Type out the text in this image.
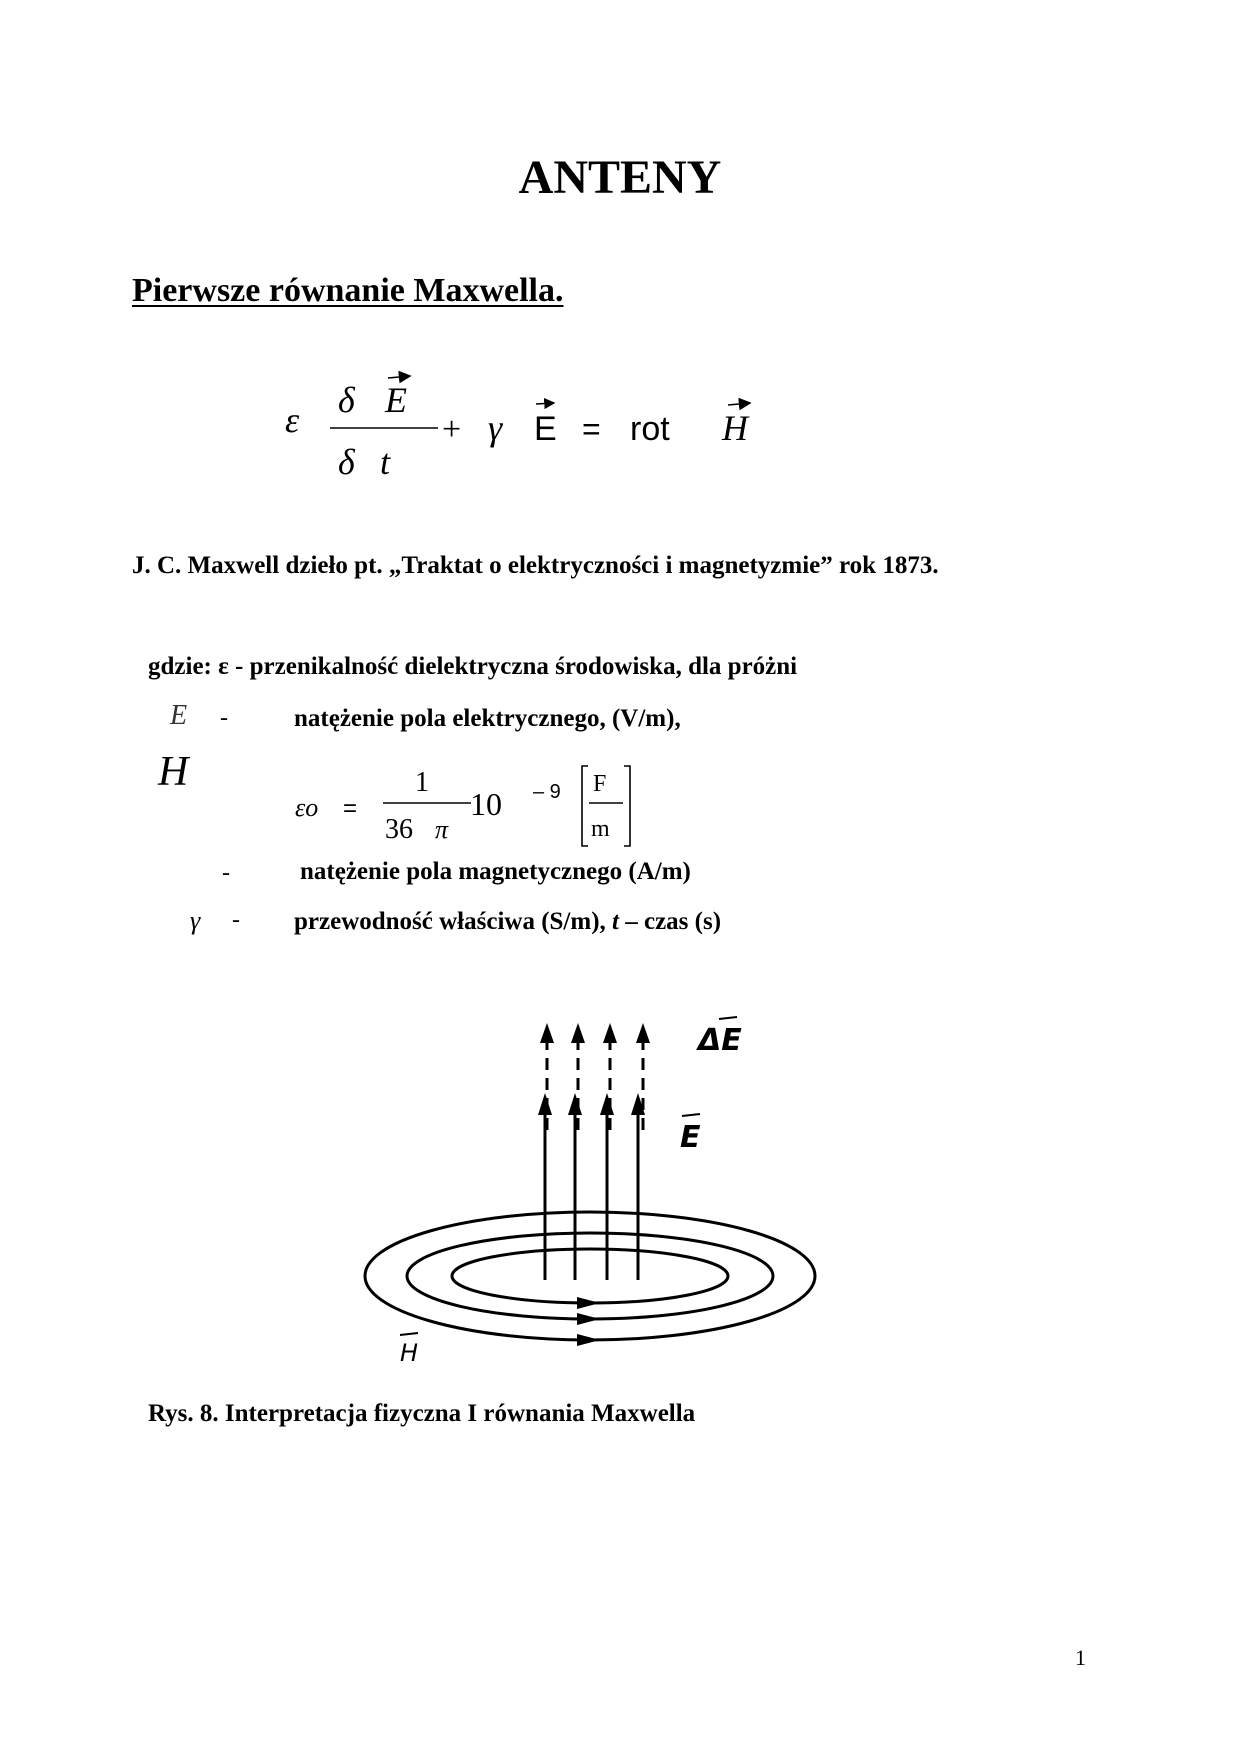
ANTENY
Pierwsze równanie Maxwella.
ε δ E
δ t
+ γ E = rot H
J. C. Maxwell dzieło pt. „Traktat o elektryczności i magnetyzmie” rok 1873.
gdzie: ε - przenikalność dielektryczna środowiska, dla próżni
E -	natężenie pola elektrycznego, (V/m),
H
εo =
1
36 π
10 – 9 F
m
-	natężenie pola magnetycznego (A/m)
γ - przewodność właściwa (S/m), t – czas (s)
ΔE
E
H
Rys. 8. Interpretacja fizyczna I równania Maxwella
1
